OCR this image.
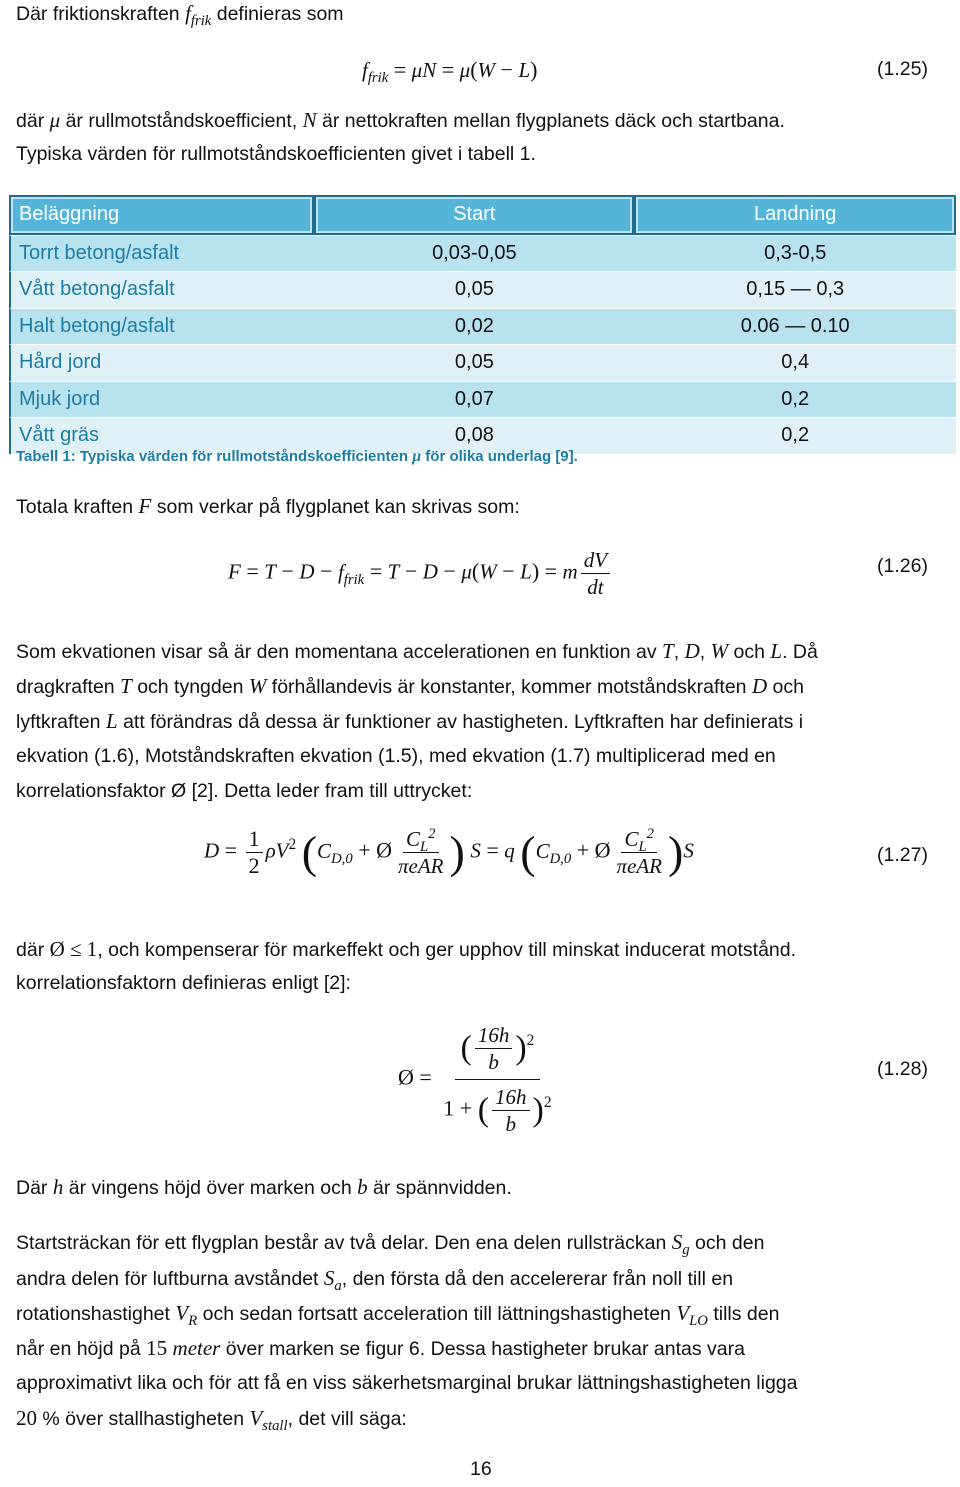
Där friktionskraften $f_{frik}$ definieras som
$f_{frik} = \mu N = \mu(W - L)$	(1.25)
där μ är rullmotståndskoefficient, N är nettokraften mellan flygplanets däck och startbana.
Typiska värden för rullmotståndskoefficienten givet i tabell 1.
Beläggning	Start	Landning
Torrt betong/asfalt	0,03-0,05	0,3-0,5
Vått betong/asfalt	0,05	0,15 — 0,3
Halt betong/asfalt	0,02	0.06 — 0.10
Hård jord	0,05	0,4
Mjuk jord	0,07	0,2
Vått gräs	0,08	0,2
Tabell 1: Typiska värden för rullmotståndskoefficienten μ för olika underlag [9].
Totala kraften F som verkar på flygplanet kan skrivas som:
$F = T - D - f_{frik} = T - D - \mu(W - L) = m \frac{dV}{dt}$	(1.26)
Som ekvationen visar så är den momentana accelerationen en funktion av T, D, W och L. Då
dragkraften T och tyngden W förhållandevis är konstanter, kommer motståndskraften D och
lyftkraften L att förändras då dessa är funktioner av hastigheten. Lyftkraften har definierats i
ekvation (1.6), Motståndskraften ekvation (1.5), med ekvation (1.7) multiplicerad med en
korrelationsfaktor Ø [2]. Detta leder fram till uttrycket:
$D = \frac{1}{2} \rho V^2$ ($C_{D,0}$ + Ø $\frac{C_L^2}{\text{πeAR}}$ ) S = q ($C_{D,0}$ + Ø $\frac{C_L^2}{\text{πeAR}} )S$	(1.27)
där Ø ≤ 1, och kompenserar för markeffekt och ger upphov till minskat inducerat motstånd.
korrelationsfaktorn definieras enligt [2]:
Ø = $\frac{( \frac{16h}{b} )^2}{1 + ( \frac{16h}{b} )^2}$	(1.28)
Där h är vingens höjd över marken och b är spännvidden.
Startsträckan för ett flygplan består av två delar. Den ena delen rullsträckan $S_g$ och den
andra delen för luftburna avståndet $S_a$, den första då den accelererar från noll till en
rotationshastighet $V_R$ och sedan fortsatt acceleration till lättningshastigheten $V_{LO}$ tills den
når en höjd på 15 meter över marken se figur 6. Dessa hastigheter brukar antas vara
approximativt lika och för att få en viss säkerhetsmarginal brukar lättningshastigheten ligga
20 % över stallhastigheten $V_{stall}$, det vill säga:
16
